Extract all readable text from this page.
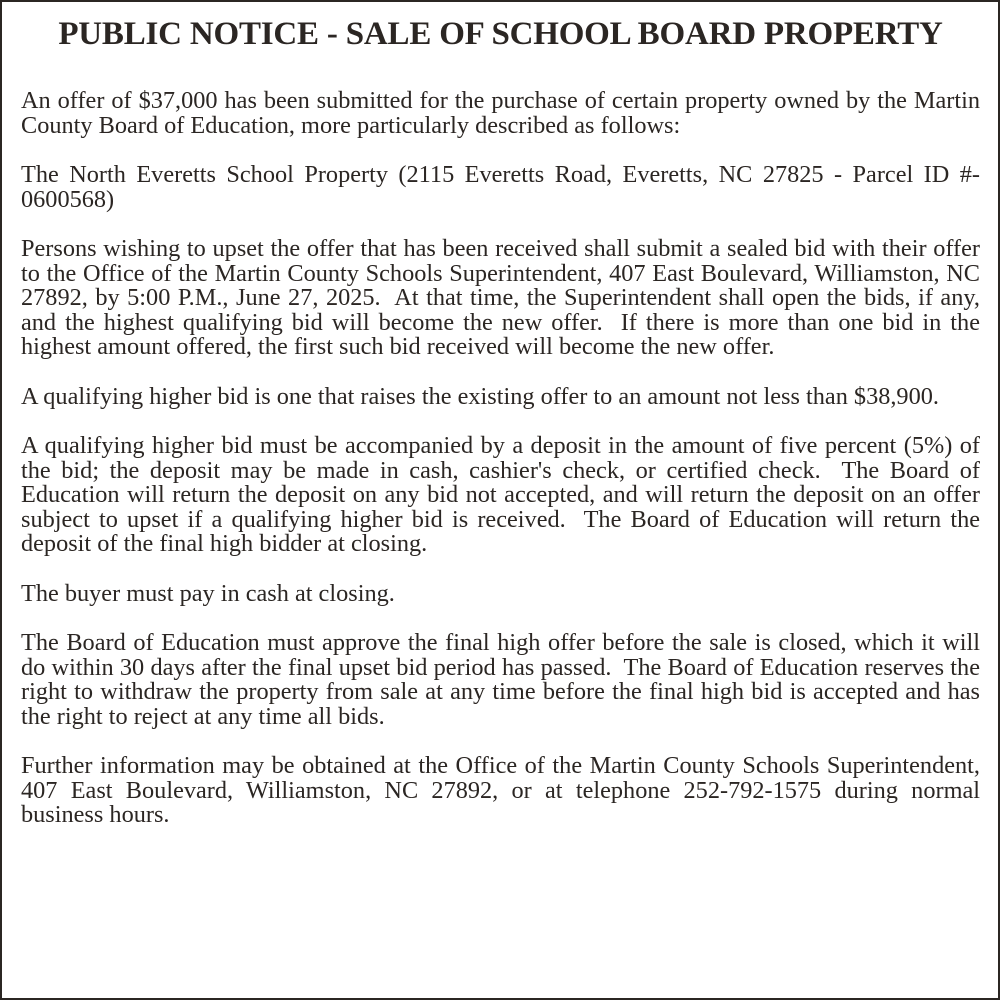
PUBLIC NOTICE - SALE OF SCHOOL BOARD PROPERTY

An offer of $37,000 has been submitted for the purchase of certain property owned by the Martin County Board of Education, more particularly described as follows:

The North Everetts School Property (2115 Everetts Road, Everetts, NC 27825 - Parcel ID #- 0600568)

Persons wishing to upset the offer that has been received shall submit a sealed bid with their offer to the Office of the Martin County Schools Superintendent, 407 East Boulevard, Williamston, NC 27892, by 5:00 P.M., June 27, 2025.  At that time, the Superintendent shall open the bids, if any, and the highest qualifying bid will become the new offer.  If there is more than one bid in the highest amount offered, the first such bid received will become the new offer.

A qualifying higher bid is one that raises the existing offer to an amount not less than $38,900.

A qualifying higher bid must be accompanied by a deposit in the amount of five percent (5%) of the bid; the deposit may be made in cash, cashier's check, or certified check.  The Board of Education will return the deposit on any bid not accepted, and will return the deposit on an offer subject to upset if a qualifying higher bid is received.  The Board of Education will return the deposit of the final high bidder at closing.

The buyer must pay in cash at closing.

The Board of Education must approve the final high offer before the sale is closed, which it will do within 30 days after the final upset bid period has passed.  The Board of Education reserves the right to withdraw the property from sale at any time before the final high bid is accepted and has the right to reject at any time all bids.

Further information may be obtained at the Office of the Martin County Schools Superintendent, 407 East Boulevard, Williamston, NC 27892, or at telephone 252-792-1575 during normal business hours.
